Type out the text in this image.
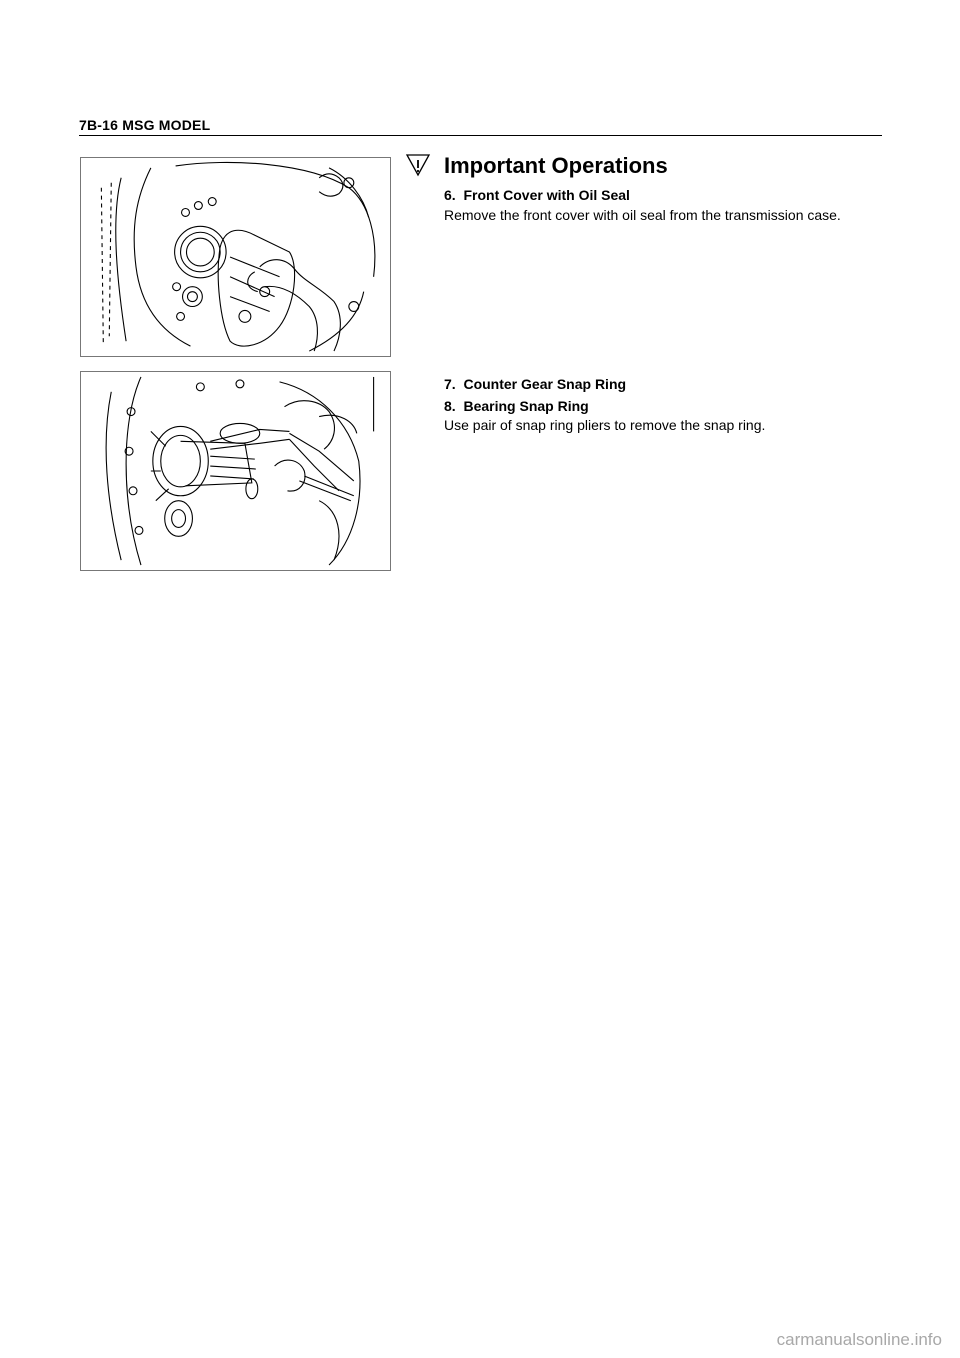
7B-16 MSG MODEL
Important Operations
6. Front Cover with Oil Seal
Remove the front cover with oil seal from the transmission case.
7. Counter Gear Snap Ring
8. Bearing Snap Ring
Use pair of snap ring pliers to remove the snap ring.
carmanualsonline.info
